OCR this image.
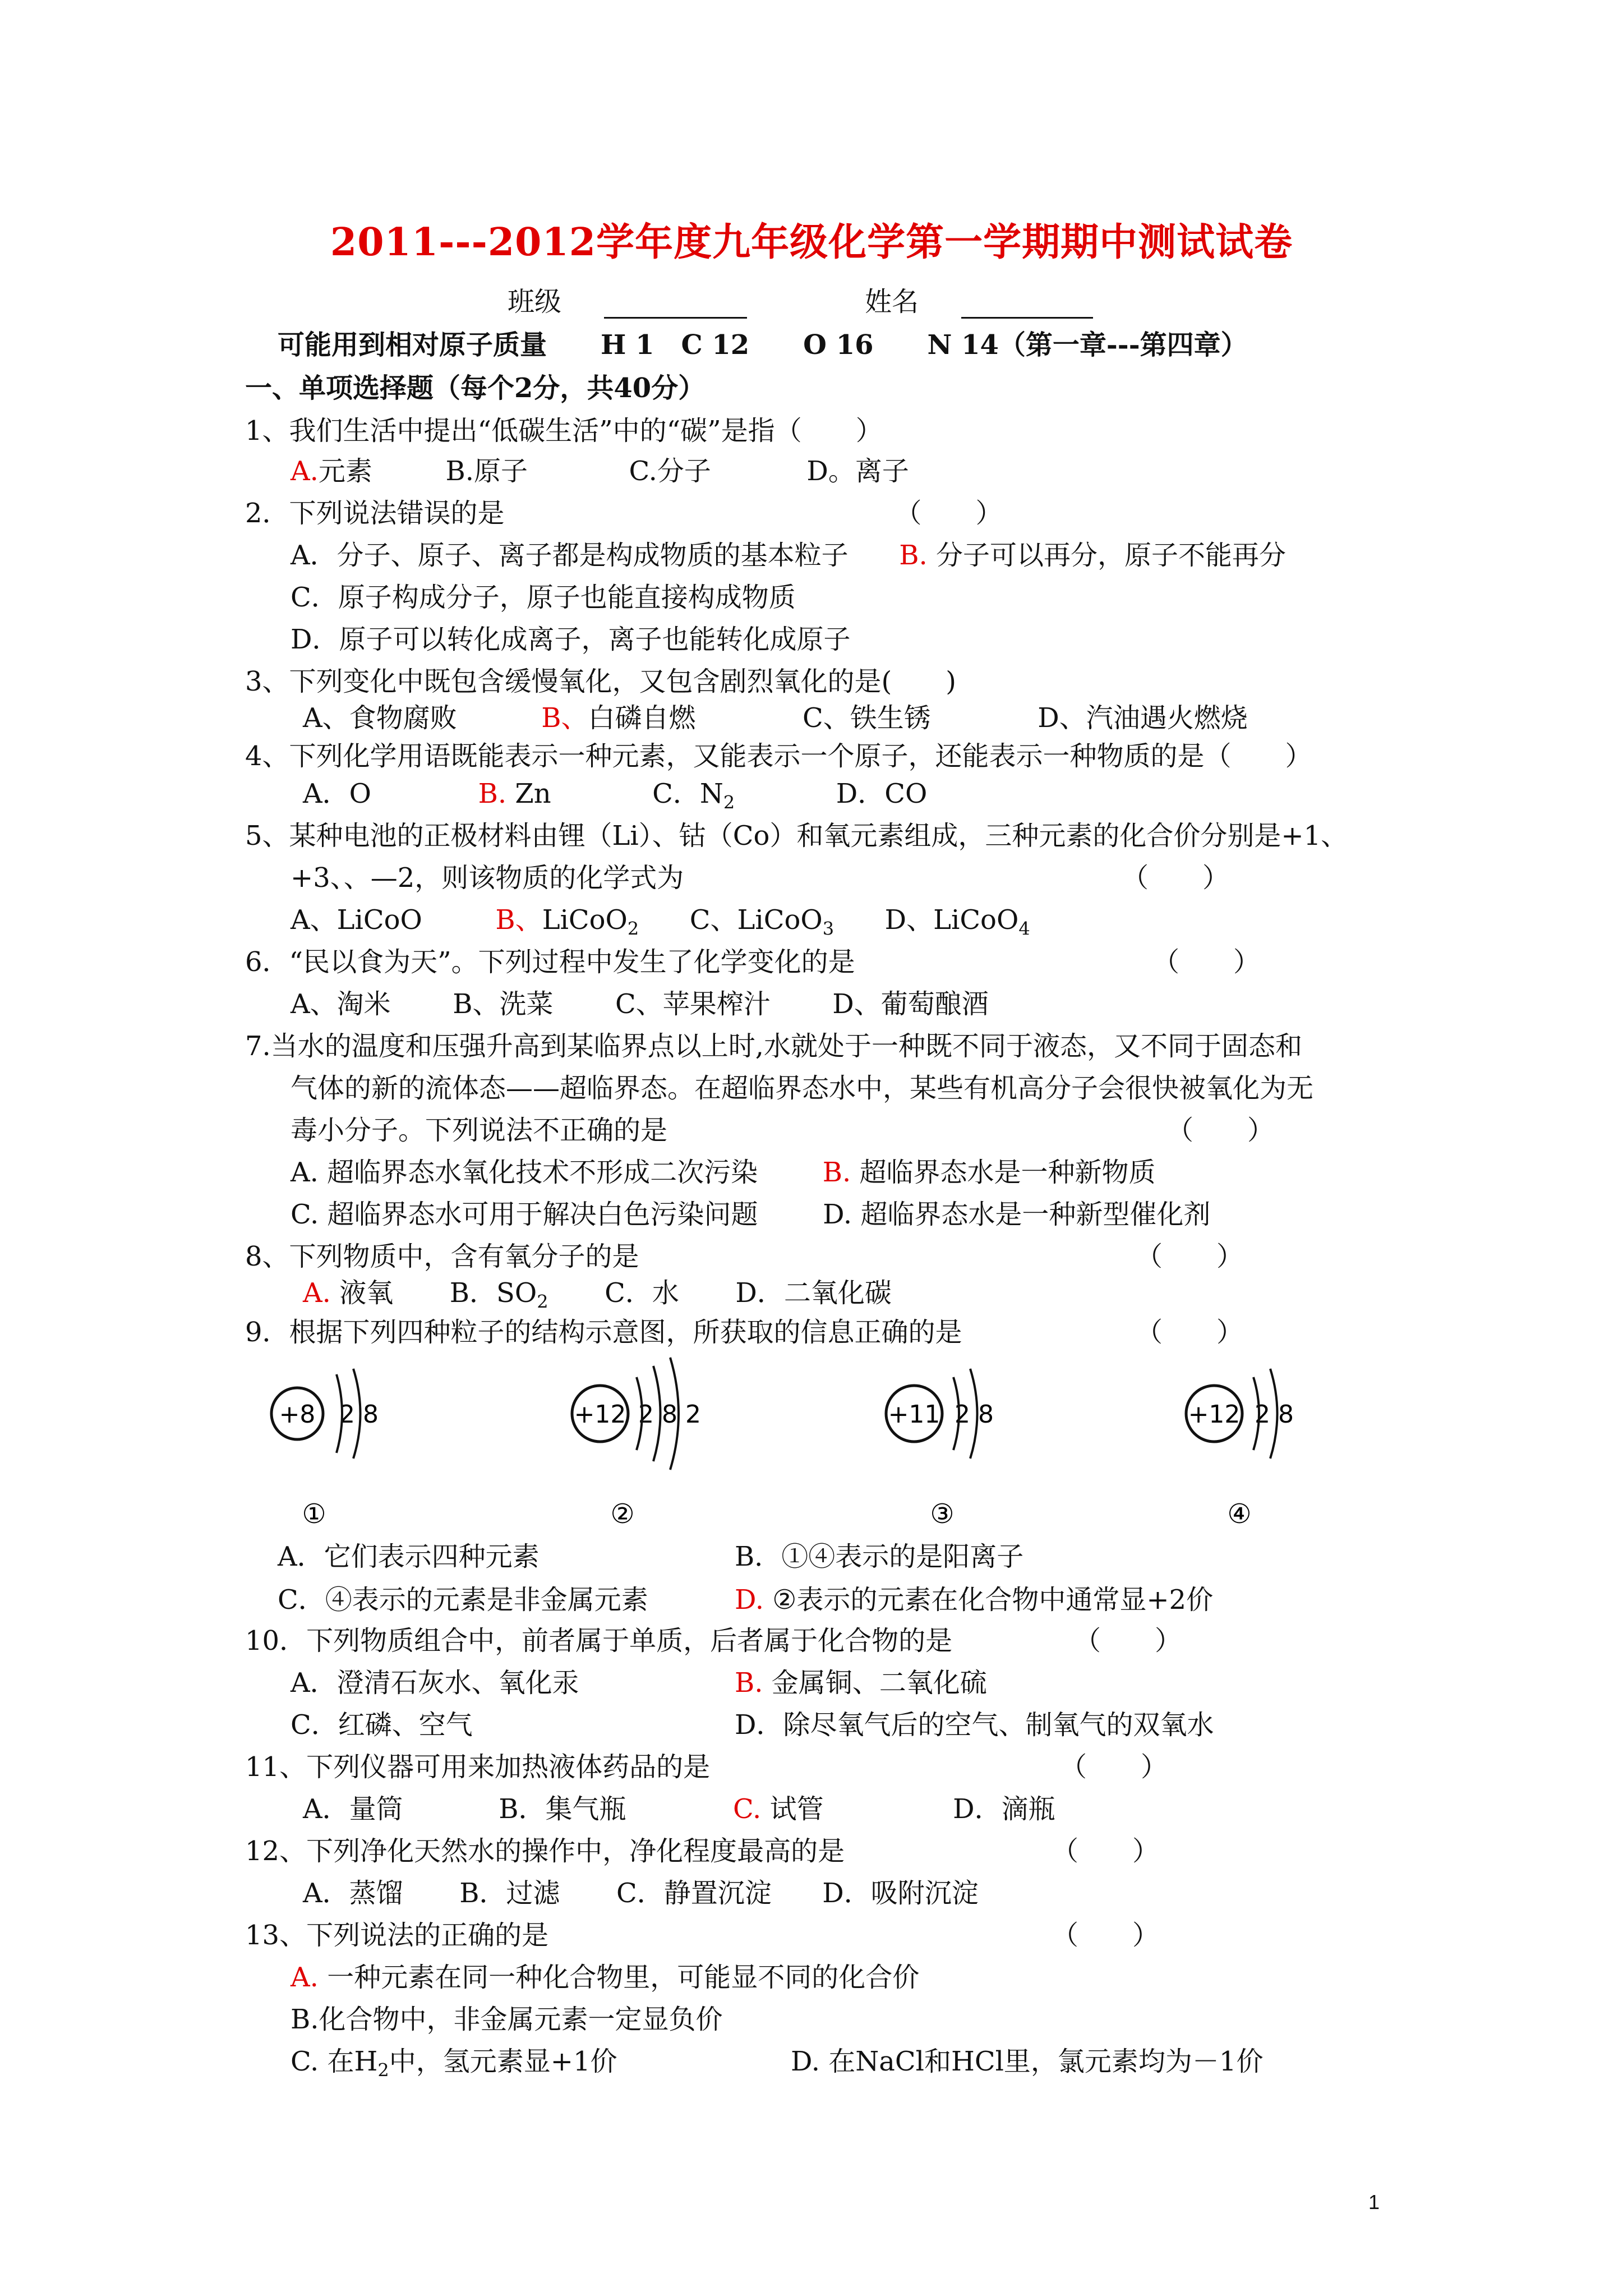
2011---2012学年度九年级化学第一学期期中测试试卷
班级	姓名
可能用到相对原子质量　　H 1　C 12　　O 16　　N 14（第一章---第四章）
一、单项选择题（每个2分，共40分）
1、我们生活中提出“低碳生活”中的“碳”是指（　　）
A.元素	B.原子	C.分子	D。离子
2．下列说法错误的是　　　　　　　　　　　　　　　（　　）
A．分子、原子、离子都是构成物质的基本粒子 B. 分子可以再分，原子不能再分
C．原子构成分子，原子也能直接构成物质
D．原子可以转化成离子，离子也能转化成原子
3、下列变化中既包含缓慢氧化，又包含剧烈氧化的是(　　)
A、食物腐败	B、白磷自燃	C、铁生锈	D、汽油遇火燃烧
4、下列化学用语既能表示一种元素，又能表示一个原子，还能表示一种物质的是（　　）
A．O	B. Zn	C．$N_2$	D．CO
5、某种电池的正极材料由锂（Li）、钴（Co）和氧元素组成，三种元素的化合价分别是+1、
+3、、—2，则该物质的化学式为	（　　）
A、LiCoO	B、LiCoO$_2$ C、LiCoO$_3$ D、LiCoO$_4$
6．“民以食为天”。下列过程中发生了化学变化的是	（　　）
A、淘米 B、洗菜 C、苹果榨汁 D、葡萄酿酒
7.当水的温度和压强升高到某临界点以上时,水就处于一种既不同于液态，又不同于固态和
气体的新的流体态——超临界态。在超临界态水中，某些有机高分子会很快被氧化为无
毒小分子。下列说法不正确的是	（　　）
A. 超临界态水氧化技术不形成二次污染 B. 超临界态水是一种新物质
C. 超临界态水可用于解决白色污染问题 D. 超临界态水是一种新型催化剂
8、下列物质中，含有氧分子的是	（　　）
A. 液氧 B．$SO_2$ C．水 D．二氧化碳
9．根据下列四种粒子的结构示意图，所获取的信息正确的是	（　　）
+8 2 8
①
+12 2 8 2
②
+11 2 8
③
+12 2 8
④
A．它们表示四种元素	B．①④表示的是阳离子
C．④表示的元素是非金属元素	D. ②表示的元素在化合物中通常显+2价
10．下列物质组合中，前者属于单质，后者属于化合物的是	（　　）
A．澄清石灰水、氧化汞	B. 金属铜、二氧化硫
C．红磷、空气	D．除尽氧气后的空气、制氧气的双氧水
11、下列仪器可用来加热液体药品的是	（　　）
A．量筒	B．集气瓶	C. 试管	D．滴瓶
12、下列净化天然水的操作中，净化程度最高的是	（　　）
A．蒸馏 B．过滤 C．静置沉淀 D．吸附沉淀
13、下列说法的正确的是	（　　）
A. 一种元素在同一种化合物里，可能显不同的化合价
B.化合物中，非金属元素一定显负价
C. 在$H_2$中，氢元素显+1价	D. 在NaCl和HCl里，氯元素均为－1价
1
